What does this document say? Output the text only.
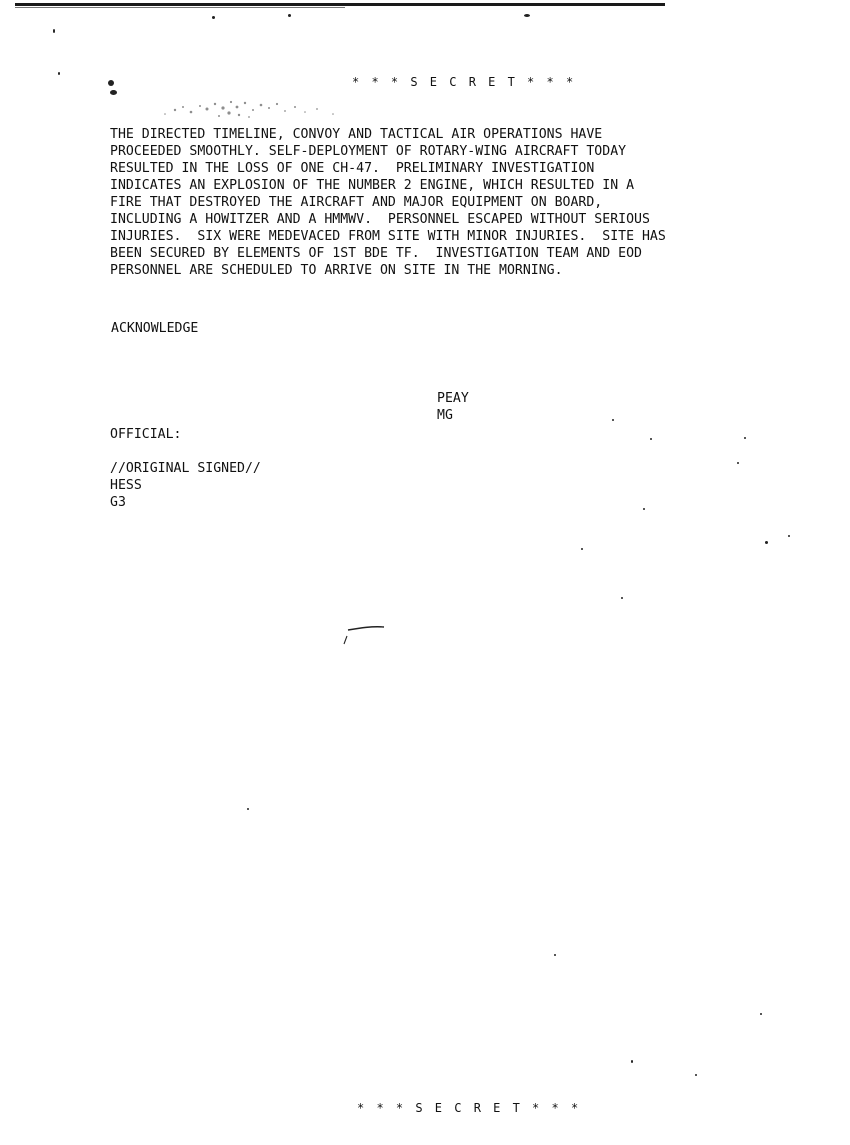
* * * S E C R E T * * *
THE DIRECTED TIMELINE, CONVOY AND TACTICAL AIR OPERATIONS HAVE
PROCEEDED SMOOTHLY. SELF-DEPLOYMENT OF ROTARY-WING AIRCRAFT TODAY
RESULTED IN THE LOSS OF ONE CH-47.  PRELIMINARY INVESTIGATION
INDICATES AN EXPLOSION OF THE NUMBER 2 ENGINE, WHICH RESULTED IN A
FIRE THAT DESTROYED THE AIRCRAFT AND MAJOR EQUIPMENT ON BOARD,
INCLUDING A HOWITZER AND A HMMWV.  PERSONNEL ESCAPED WITHOUT SERIOUS
INJURIES.  SIX WERE MEDEVACED FROM SITE WITH MINOR INJURIES.  SITE HAS
BEEN SECURED BY ELEMENTS OF 1ST BDE TF.  INVESTIGATION TEAM AND EOD
PERSONNEL ARE SCHEDULED TO ARRIVE ON SITE IN THE MORNING.
ACKNOWLEDGE
PEAY
MG
OFFICIAL:
//ORIGINAL SIGNED//
HESS
G3
* * * S E C R E T * * *
